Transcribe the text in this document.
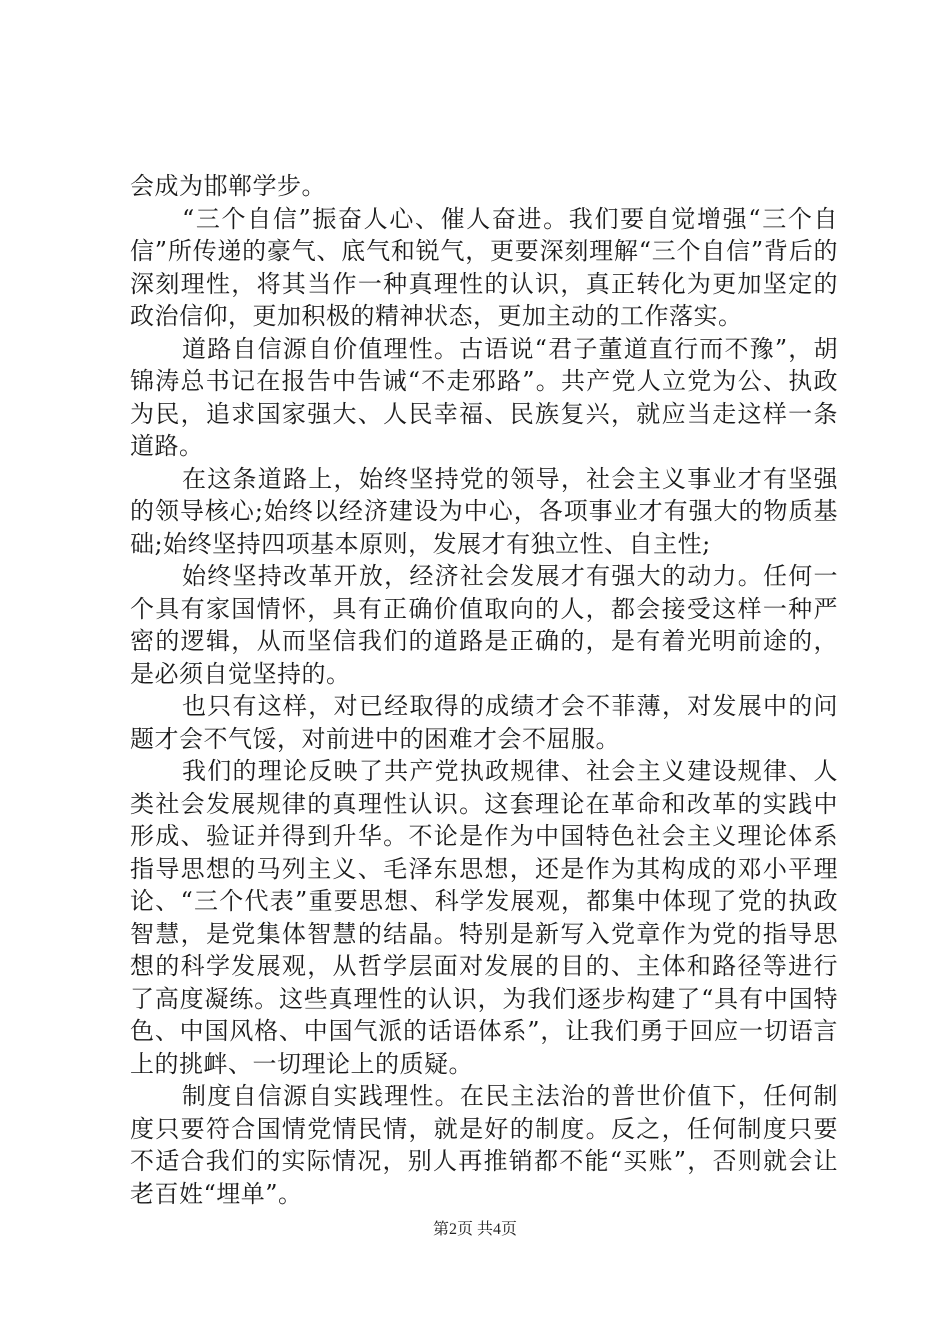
会成为邯郸学步。

“三个自信”振奋人心、催人奋进。我们要自觉增强“三个自信”所传递的豪气、底气和锐气，更要深刻理解“三个自信”背后的深刻理性，将其当作一种真理性的认识，真正转化为更加坚定的政治信仰，更加积极的精神状态，更加主动的工作落实。

道路自信源自价值理性。古语说“君子董道直行而不豫”，胡锦涛总书记在报告中告诫“不走邪路”。共产党人立党为公、执政为民，追求国家强大、人民幸福、民族复兴，就应当走这样一条道路。

在这条道路上，始终坚持党的领导，社会主义事业才有坚强的领导核心;始终以经济建设为中心，各项事业才有强大的物质基础;始终坚持四项基本原则，发展才有独立性、自主性;

始终坚持改革开放，经济社会发展才有强大的动力。任何一个具有家国情怀，具有正确价值取向的人，都会接受这样一种严密的逻辑，从而坚信我们的道路是正确的，是有着光明前途的，是必须自觉坚持的。

也只有这样，对已经取得的成绩才会不菲薄，对发展中的问题才会不气馁，对前进中的困难才会不屈服。

我们的理论反映了共产党执政规律、社会主义建设规律、人类社会发展规律的真理性认识。这套理论在革命和改革的实践中形成、验证并得到升华。不论是作为中国特色社会主义理论体系指导思想的马列主义、毛泽东思想，还是作为其构成的邓小平理论、“三个代表”重要思想、科学发展观，都集中体现了党的执政智慧，是党集体智慧的结晶。特别是新写入党章作为党的指导思想的科学发展观，从哲学层面对发展的目的、主体和路径等进行了高度凝练。这些真理性的认识，为我们逐步构建了“具有中国特色、中国风格、中国气派的话语体系”，让我们勇于回应一切语言上的挑衅、一切理论上的质疑。

制度自信源自实践理性。在民主法治的普世价值下，任何制度只要符合国情党情民情，就是好的制度。反之，任何制度只要不适合我们的实际情况，别人再推销都不能“买账”，否则就会让老百姓“埋单”。

第2页 共4页
